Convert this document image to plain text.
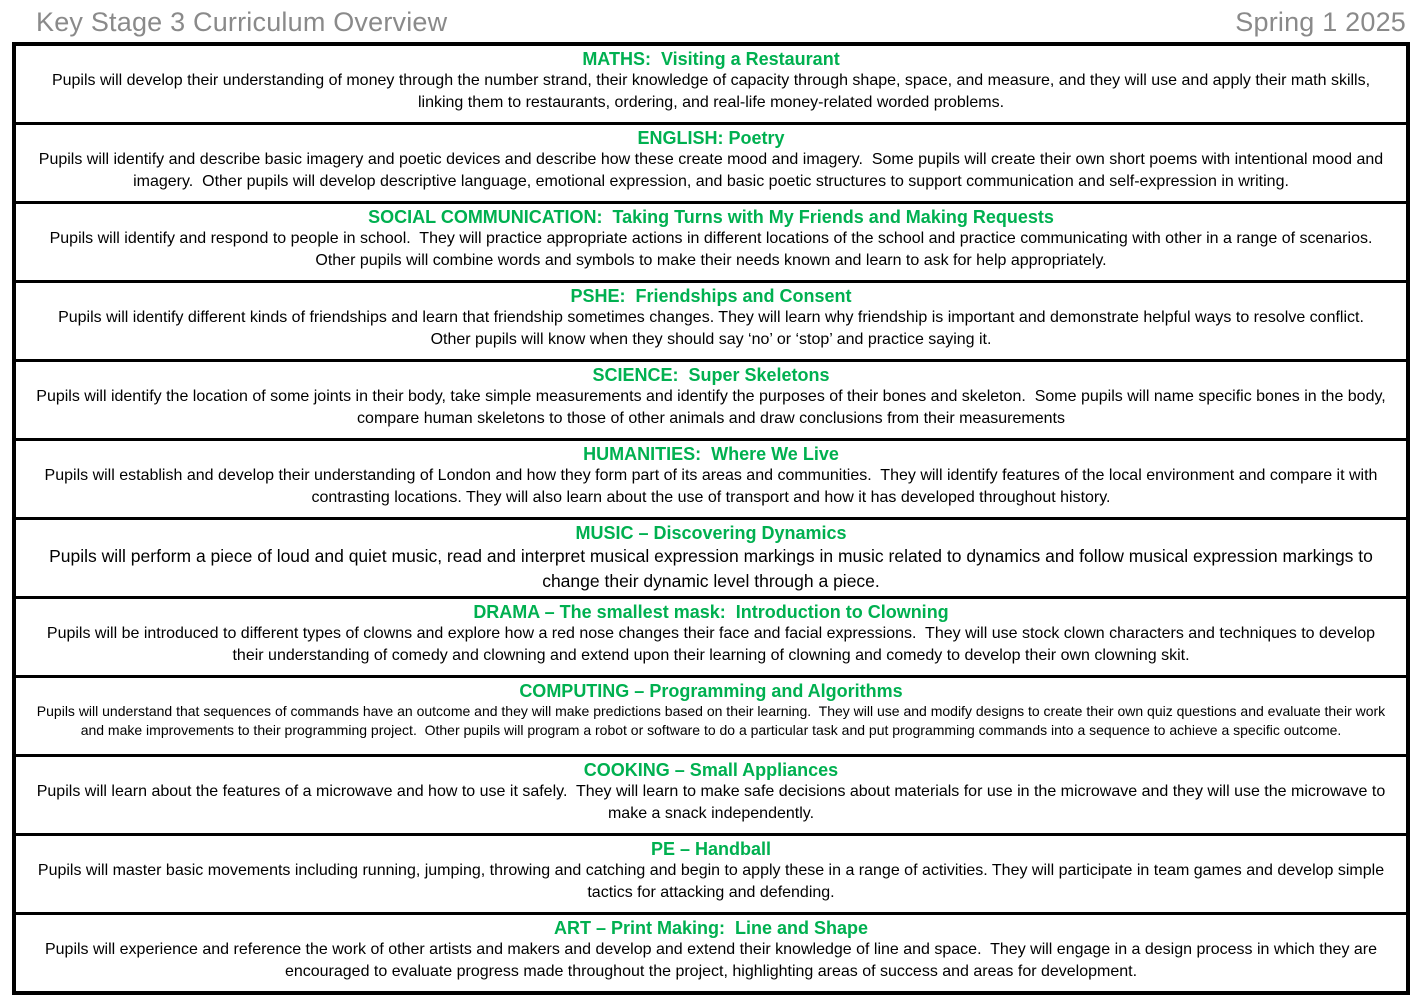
Key Stage 3 Curriculum Overview	Spring 1 2025
MATHS:  Visiting a Restaurant

Pupils will develop their understanding of money through the number strand, their knowledge of capacity through shape, space, and measure, and they will use and apply their math skills, linking them to restaurants, ordering, and real-life money-related worded problems.

ENGLISH: Poetry

Pupils will identify and describe basic imagery and poetic devices and describe how these create mood and imagery.  Some pupils will create their own short poems with intentional mood and imagery.  Other pupils will develop descriptive language, emotional expression, and basic poetic structures to support communication and self-expression in writing.

SOCIAL COMMUNICATION:  Taking Turns with My Friends and Making Requests

Pupils will identify and respond to people in school.  They will practice appropriate actions in different locations of the school and practice communicating with other in a range of scenarios.  Other pupils will combine words and symbols to make their needs known and learn to ask for help appropriately.

PSHE:  Friendships and Consent

Pupils will identify different kinds of friendships and learn that friendship sometimes changes. They will learn why friendship is important and demonstrate helpful ways to resolve conflict.  Other pupils will know when they should say ‘no’ or ‘stop’ and practice saying it.

SCIENCE:  Super Skeletons

Pupils will identify the location of some joints in their body, take simple measurements and identify the purposes of their bones and skeleton.  Some pupils will name specific bones in the body, compare human skeletons to those of other animals and draw conclusions from their measurements

HUMANITIES:  Where We Live

Pupils will establish and develop their understanding of London and how they form part of its areas and communities.  They will identify features of the local environment and compare it with contrasting locations. They will also learn about the use of transport and how it has developed throughout history.

MUSIC – Discovering Dynamics

Pupils will perform a piece of loud and quiet music, read and interpret musical expression markings in music related to dynamics and follow musical expression markings to change their dynamic level through a piece.

DRAMA – The smallest mask:  Introduction to Clowning

Pupils will be introduced to different types of clowns and explore how a red nose changes their face and facial expressions.  They will use stock clown characters and techniques to develop their understanding of comedy and clowning and extend upon their learning of clowning and comedy to develop their own clowning skit.

COMPUTING – Programming and Algorithms

Pupils will understand that sequences of commands have an outcome and they will make predictions based on their learning.  They will use and modify designs to create their own quiz questions and evaluate their work and make improvements to their programming project.  Other pupils will program a robot or software to do a particular task and put programming commands into a sequence to achieve a specific outcome.

COOKING – Small Appliances

Pupils will learn about the features of a microwave and how to use it safely.  They will learn to make safe decisions about materials for use in the microwave and they will use the microwave to make a snack independently.

PE – Handball

Pupils will master basic movements including running, jumping, throwing and catching and begin to apply these in a range of activities. They will participate in team games and develop simple tactics for attacking and defending.

ART – Print Making:  Line and Shape

Pupils will experience and reference the work of other artists and makers and develop and extend their knowledge of line and space.  They will engage in a design process in which they are encouraged to evaluate progress made throughout the project, highlighting areas of success and areas for development.
